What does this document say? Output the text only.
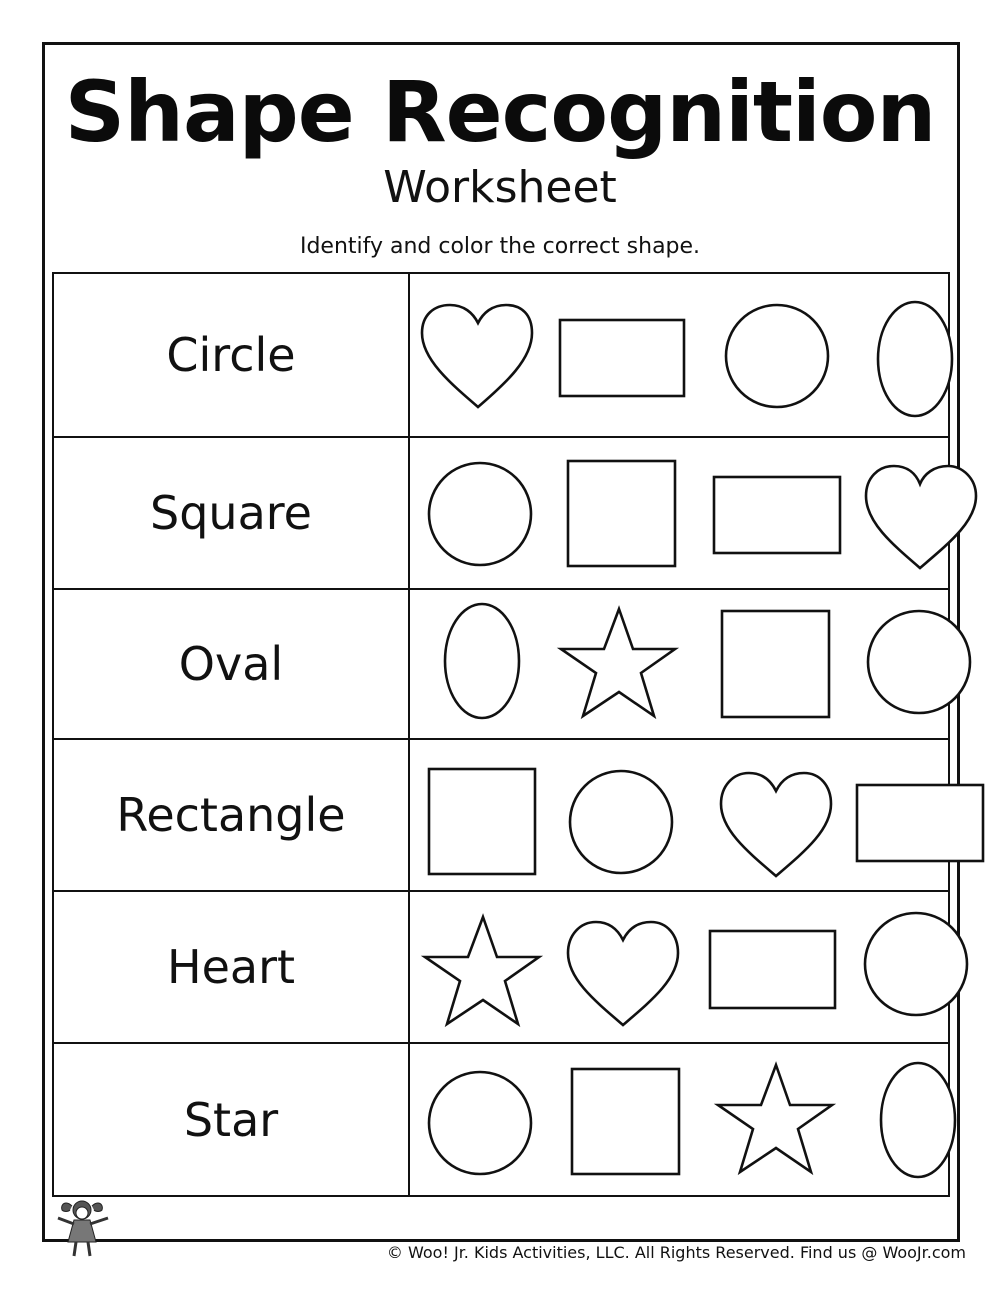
Shape Recognition
Worksheet
Identify and color the correct shape.
Circle
Square
Oval
Rectangle
Heart
Star
© Woo! Jr. Kids Activities, LLC. All Rights Reserved. Find us @ WooJr.com
